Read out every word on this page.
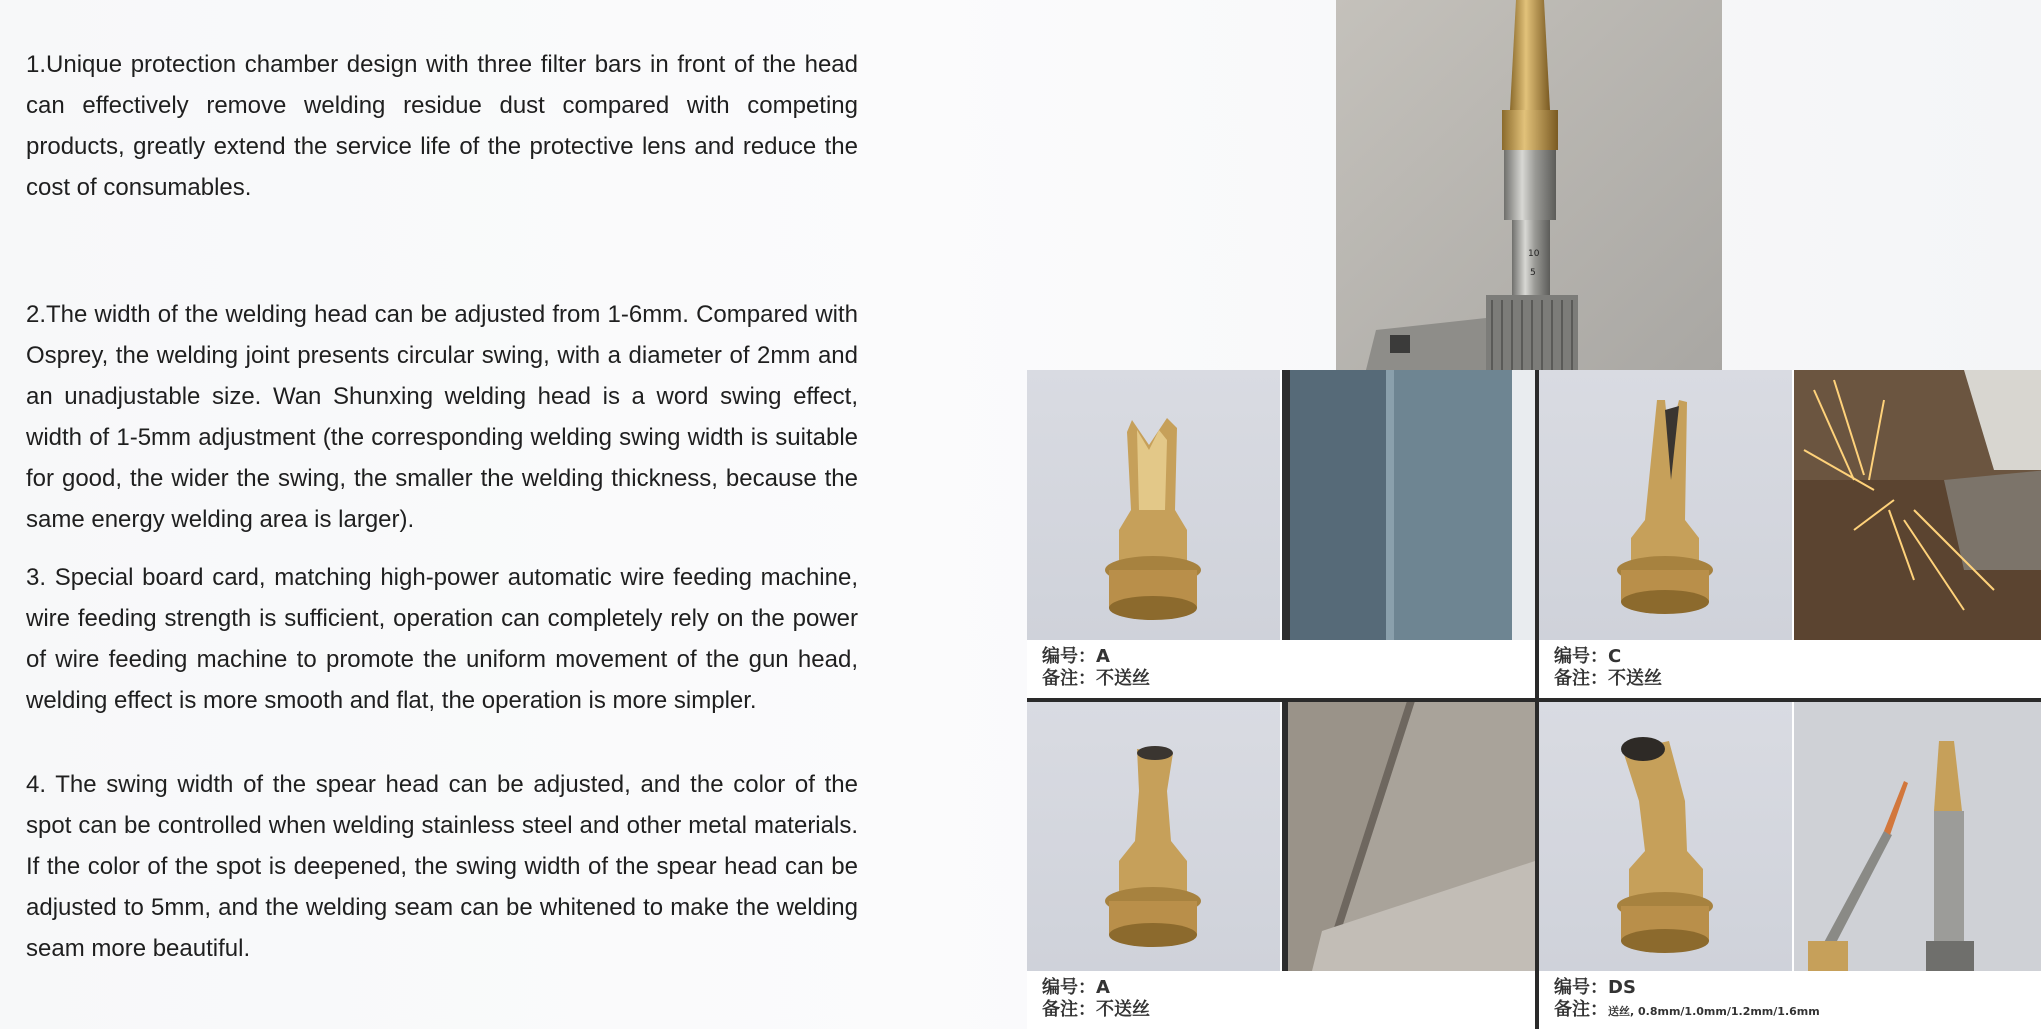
1.Unique protection chamber design with three filter bars in front of the head can effectively remove welding residue dust compared with competing products, greatly extend the service life of the protective lens and reduce the cost of consumables.

2.The width of the welding head can be adjusted from 1-6mm. Compared with Osprey, the welding joint presents circular swing, with a diameter of 2mm and an unadjustable size. Wan Shunxing welding head is a word swing effect, width of 1-5mm adjustment (the corresponding welding swing width is suitable for good, the wider the swing, the smaller the welding thickness, because the same energy welding area is larger).

3. Special board card, matching high-power automatic wire feeding machine, wire feeding strength is sufficient, operation can completely rely on the power of wire feeding machine to promote the uniform movement of the gun head, welding effect is more smooth and flat, the operation is more simpler.

4. The swing width of the spear head can be adjusted, and the color of the spot can be controlled when welding stainless steel and other metal materials. If the color of the spot is deepened, the swing width of the spear head can be adjusted to 5mm, and the welding seam can be whitened to make the welding seam more beautiful.

10
5
编号：A
备注：不送丝
编号：C
备注：不送丝
编号：A
备注：不送丝
编号：DS
备注：送丝, 0.8mm/1.0mm/1.2mm/1.6mm
